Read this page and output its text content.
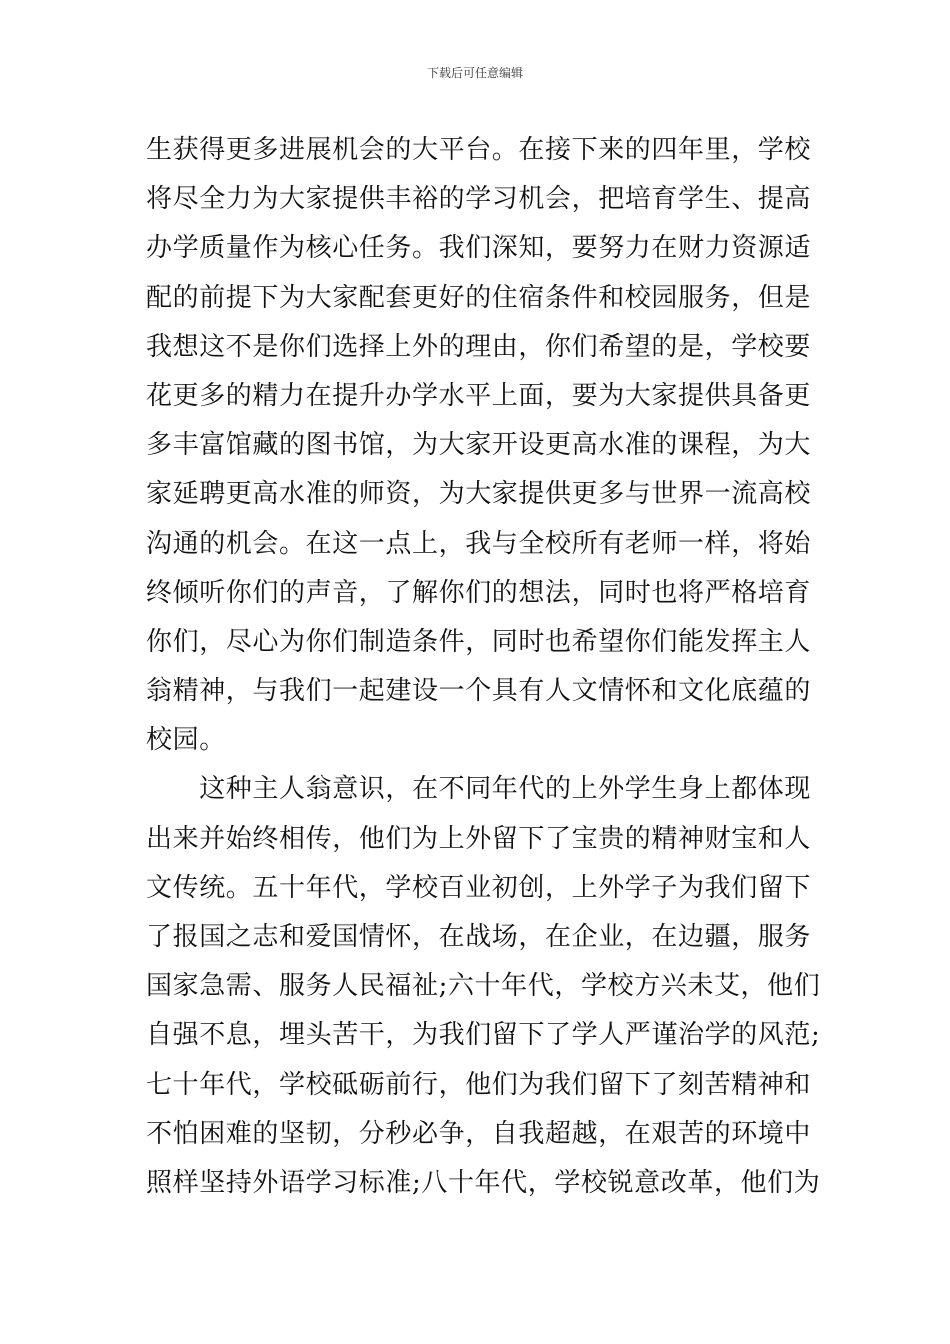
下载后可任意编辑
生获得更多进展机会的大平台。在接下来的四年里，学校
将尽全力为大家提供丰裕的学习机会，把培育学生、提高
办学质量作为核心任务。我们深知，要努力在财力资源适
配的前提下为大家配套更好的住宿条件和校园服务，但是
我想这不是你们选择上外的理由，你们希望的是，学校要
花更多的精力在提升办学水平上面，要为大家提供具备更
多丰富馆藏的图书馆，为大家开设更高水准的课程，为大
家延聘更高水准的师资，为大家提供更多与世界一流高校
沟通的机会。在这一点上，我与全校所有老师一样，将始
终倾听你们的声音，了解你们的想法，同时也将严格培育
你们，尽心为你们制造条件，同时也希望你们能发挥主人
翁精神，与我们一起建设一个具有人文情怀和文化底蕴的
校园。
　　这种主人翁意识，在不同年代的上外学生身上都体现
出来并始终相传，他们为上外留下了宝贵的精神财宝和人
文传统。五十年代，学校百业初创，上外学子为我们留下
了报国之志和爱国情怀，在战场，在企业，在边疆，服务
国家急需、服务人民福祉;六十年代，学校方兴未艾，他们
自强不息，埋头苦干，为我们留下了学人严谨治学的风范;
七十年代，学校砥砺前行，他们为我们留下了刻苦精神和
不怕困难的坚韧，分秒必争，自我超越，在艰苦的环境中
照样坚持外语学习标准;八十年代，学校锐意改革，他们为
